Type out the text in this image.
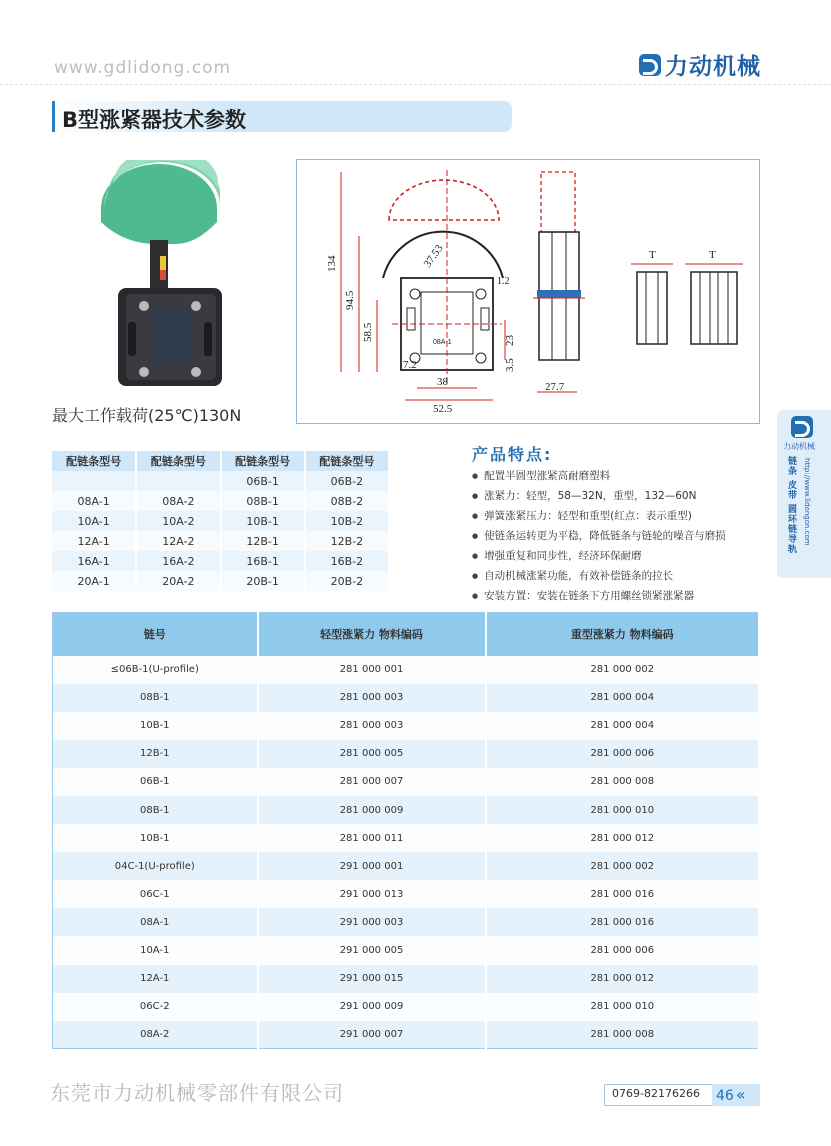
www.gdlidong.com	力动机械
B型涨紧器技术参数
最大工作载荷(25℃)130N
134
94.5
58.5
37.53
23
3.5
7.2
38
52.5
27.7
1.2
T	T
08A-1
力动机械
链条 皮带 圆环链导轨 http://www.lidongon.com
配链条型号	配链条型号	配链条型号	配链条型号
		06B-1	06B-2
08A-1	08A-2	08B-1	08B-2
10A-1	10A-2	10B-1	10B-2
12A-1	12A-2	12B-1	12B-2
16A-1	16A-2	16B-1	16B-2
20A-1	20A-2	20B-1	20B-2
产品特点:
● 配置半圆型涨紧高耐磨塑料
● 涨紧力：轻型，58—32N，重型，132—60N
● 弹簧涨紧压力：轻型和重型(红点：表示重型)
● 使链条运转更为平稳，降低链条与链轮的噪音与磨损
● 增强重复和同步性，经济环保耐磨
● 自动机械涨紧功能，有效补偿链条的拉长
● 安装方置：安装在链条下方用螺丝锁紧涨紧器
链号	轻型涨紧力 物料编码	重型涨紧力 物料编码
≤06B-1(U-profile)	281 000 001	281 000 002
08B-1	281 000 003	281 000 004
10B-1	281 000 003	281 000 004
12B-1	281 000 005	281 000 006
06B-1	281 000 007	281 000 008
08B-1	281 000 009	281 000 010
10B-1	281 000 011	281 000 012
04C-1(U-profile)	291 000 001	281 000 002
06C-1	291 000 013	281 000 016
08A-1	291 000 003	281 000 016
10A-1	291 000 005	281 000 006
12A-1	291 000 015	281 000 012
06C-2	291 000 009	281 000 010
08A-2	291 000 007	281 000 008
东莞市力动机械零部件有限公司	0769-82176266 46 «
